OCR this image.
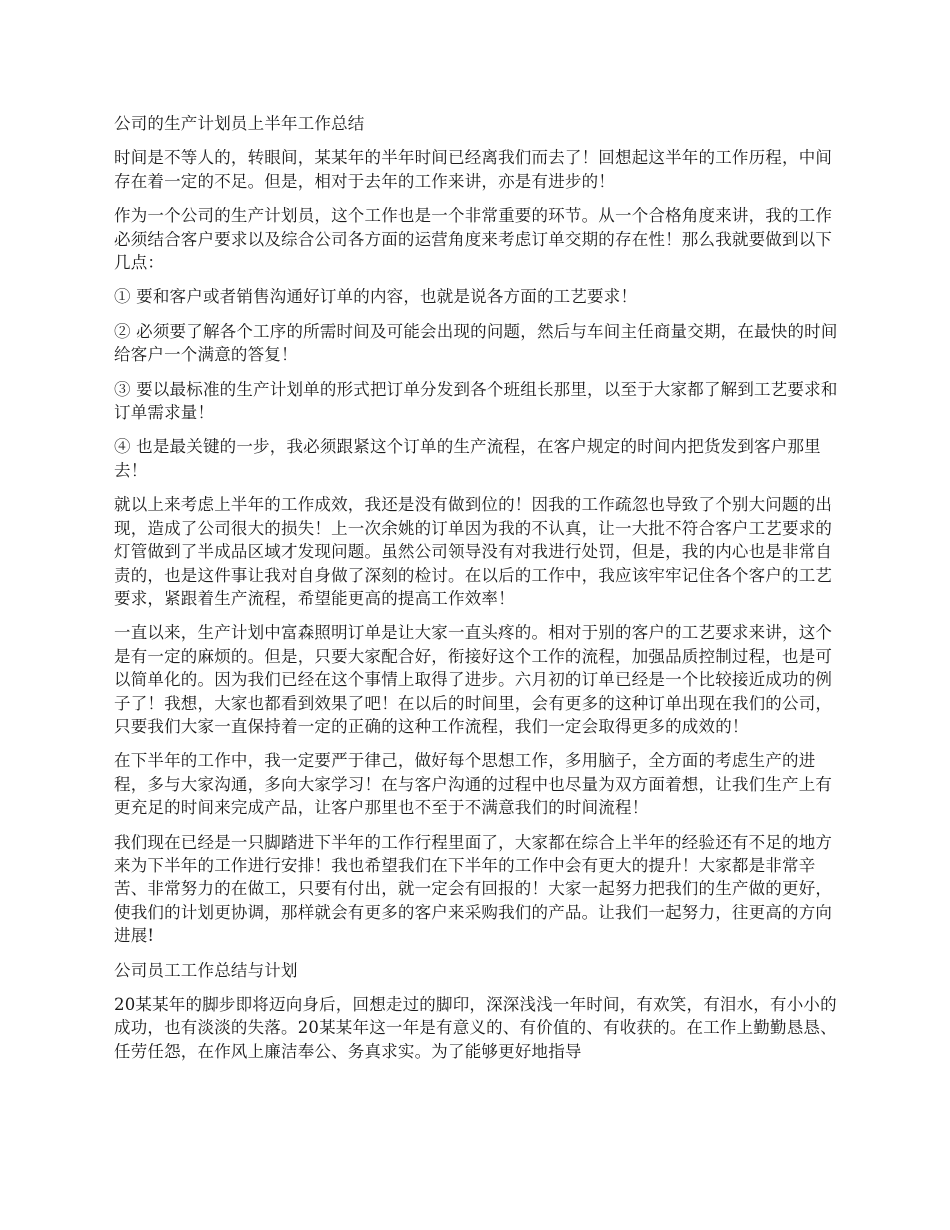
公司的生产计划员上半年工作总结

时间是不等人的，转眼间，某某年的半年时间已经离我们而去了！回想起这半年的工作历程，中间存在着一定的不足。但是，相对于去年的工作来讲，亦是有进步的！

作为一个公司的生产计划员，这个工作也是一个非常重要的环节。从一个合格角度来讲，我的工作必须结合客户要求以及综合公司各方面的运营角度来考虑订单交期的存在性！那么我就要做到以下几点：

① 要和客户或者销售沟通好订单的内容，也就是说各方面的工艺要求！

② 必须要了解各个工序的所需时间及可能会出现的问题，然后与车间主任商量交期，在最快的时间给客户一个满意的答复！

③ 要以最标准的生产计划单的形式把订单分发到各个班组长那里，以至于大家都了解到工艺要求和订单需求量！

④ 也是最关键的一步，我必须跟紧这个订单的生产流程，在客户规定的时间内把货发到客户那里去！

就以上来考虑上半年的工作成效，我还是没有做到位的！因我的工作疏忽也导致了个别大问题的出现，造成了公司很大的损失！上一次余姚的订单因为我的不认真，让一大批不符合客户工艺要求的灯管做到了半成品区域才发现问题。虽然公司领导没有对我进行处罚，但是，我的内心也是非常自责的，也是这件事让我对自身做了深刻的检讨。在以后的工作中，我应该牢牢记住各个客户的工艺要求，紧跟着生产流程，希望能更高的提高工作效率！

一直以来，生产计划中富森照明订单是让大家一直头疼的。相对于别的客户的工艺要求来讲，这个是有一定的麻烦的。但是，只要大家配合好，衔接好这个工作的流程，加强品质控制过程，也是可以简单化的。因为我们已经在这个事情上取得了进步。六月初的订单已经是一个比较接近成功的例子了！我想，大家也都看到效果了吧！在以后的时间里，会有更多的这种订单出现在我们的公司，只要我们大家一直保持着一定的正确的这种工作流程，我们一定会取得更多的成效的！

在下半年的工作中，我一定要严于律己，做好每个思想工作，多用脑子，全方面的考虑生产的进程，多与大家沟通，多向大家学习！在与客户沟通的过程中也尽量为双方面着想，让我们生产上有更充足的时间来完成产品，让客户那里也不至于不满意我们的时间流程！

我们现在已经是一只脚踏进下半年的工作行程里面了，大家都在综合上半年的经验还有不足的地方来为下半年的工作进行安排！我也希望我们在下半年的工作中会有更大的提升！大家都是非常辛苦、非常努力的在做工，只要有付出，就一定会有回报的！大家一起努力把我们的生产做的更好，使我们的计划更协调，那样就会有更多的客户来采购我们的产品。让我们一起努力，往更高的方向进展!

公司员工工作总结与计划

20某某年的脚步即将迈向身后，回想走过的脚印，深深浅浅一年时间，有欢笑，有泪水，有小小的成功，也有淡淡的失落。20某某年这一年是有意义的、有价值的、有收获的。在工作上勤勤恳恳、任劳任怨，在作风上廉洁奉公、务真求实。为了能够更好地指导
